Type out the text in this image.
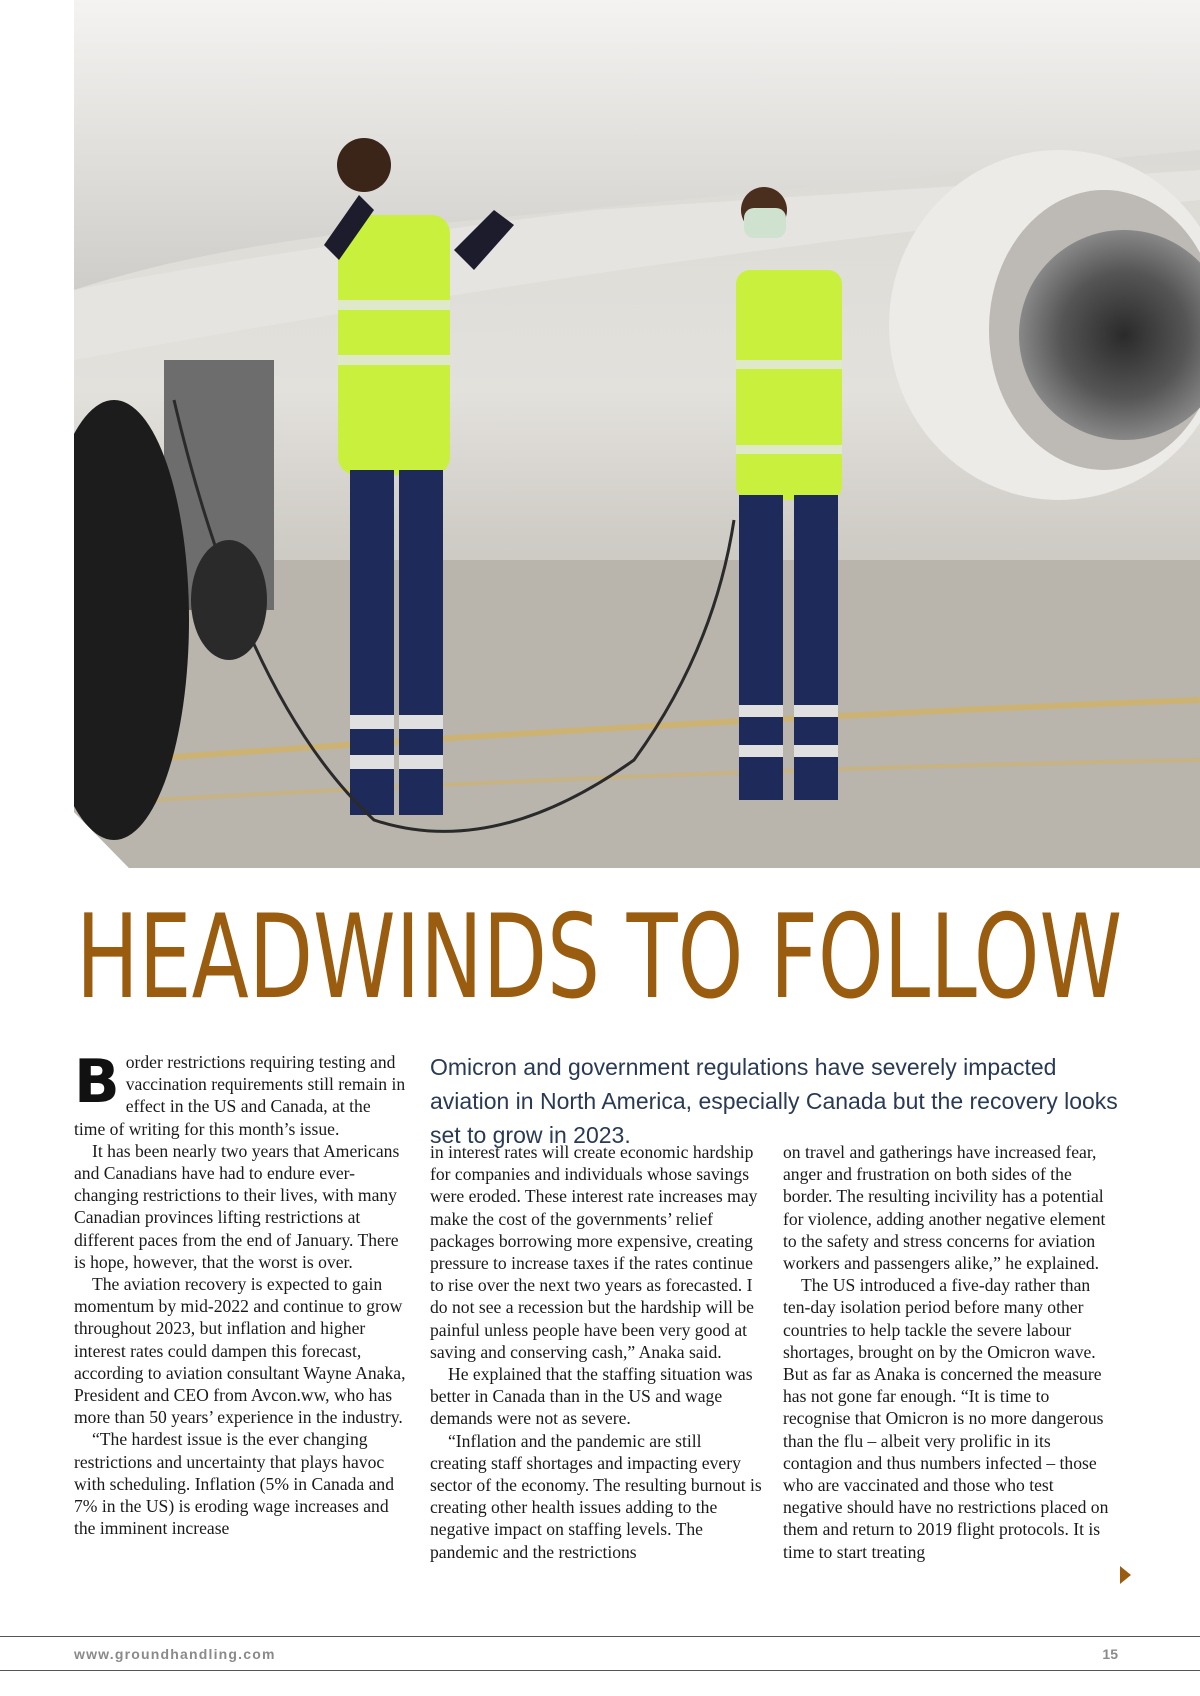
HEADWINDS TO FOLLOW
Omicron and government regulations have severely impacted aviation in North America, especially Canada but the recovery looks set to grow in 2023.
B order restrictions requiring testing and vaccination requirements still remain in effect in the US and Canada, at the time of writing for this month’s issue.

It has been nearly two years that Americans and Canadians have had to endure ever-changing restrictions to their lives, with many Canadian provinces lifting restrictions at different paces from the end of January. There is hope, however, that the worst is over.

The aviation recovery is expected to gain momentum by mid-2022 and continue to grow throughout 2023, but inflation and higher interest rates could dampen this forecast, according to aviation consultant Wayne Anaka, President and CEO from Avcon.ww, who has more than 50 years’ experience in the industry.

“The hardest issue is the ever changing restrictions and uncertainty that plays havoc with scheduling. Inflation (5% in Canada and 7% in the US) is eroding wage increases and the imminent increase

in interest rates will create economic hardship for companies and individuals whose savings were eroded. These interest rate increases may make the cost of the governments’ relief packages borrowing more expensive, creating pressure to increase taxes if the rates continue to rise over the next two years as forecasted. I do not see a recession but the hardship will be painful unless people have been very good at saving and conserving cash,” Anaka said.

He explained that the staffing situation was better in Canada than in the US and wage demands were not as severe.

“Inflation and the pandemic are still creating staff shortages and impacting every sector of the economy. The resulting burnout is creating other health issues adding to the negative impact on staffing levels. The pandemic and the restrictions

on travel and gatherings have increased fear, anger and frustration on both sides of the border. The resulting incivility has a potential for violence, adding another negative element to the safety and stress concerns for aviation workers and passengers alike,” he explained.

The US introduced a five-day rather than ten-day isolation period before many other countries to help tackle the severe labour shortages, brought on by the Omicron wave. But as far as Anaka is concerned the measure has not gone far enough. “It is time to recognise that Omicron is no more dangerous than the flu – albeit very prolific in its contagion and thus numbers infected – those who are vaccinated and those who test negative should have no restrictions placed on them and return to 2019 flight protocols. It is time to start treating

www.groundhandling.com	15
